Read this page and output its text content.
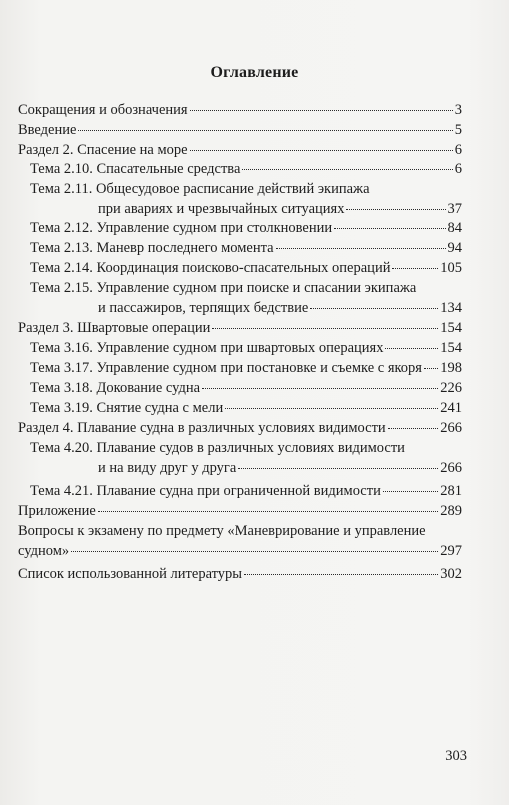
Оглавление
Сокращения и обозначения	3
Введение	5
Раздел 2. Спасение на море	6
Тема 2.10. Спасательные средства	6
Тема 2.11. Общесудовое расписание действий экипажа
при авариях и чрезвычайных ситуациях	37
Тема 2.12. Управление судном при столкновении	84
Тема 2.13. Маневр последнего момента	94
Тема 2.14. Координация поисково-спасательных операций	105
Тема 2.15. Управление судном при поиске и спасании экипажа
и пассажиров, терпящих бедствие	134
Раздел 3. Швартовые операции	154
Тема 3.16. Управление судном при швартовых операциях	154
Тема 3.17. Управление судном при постановке и съемке с якоря 198
Тема 3.18. Докование судна	226
Тема 3.19. Снятие судна с мели	241
Раздел 4. Плавание судна в различных условиях видимости	266
Тема 4.20. Плавание судов в различных условиях видимости
и на виду друг у друга	266
Тема 4.21. Плавание судна при ограниченной видимости	281
Приложение	289
Вопросы к экзамену по предмету «Маневрирование и управление
судном»	297
Список использованной литературы	302
303
